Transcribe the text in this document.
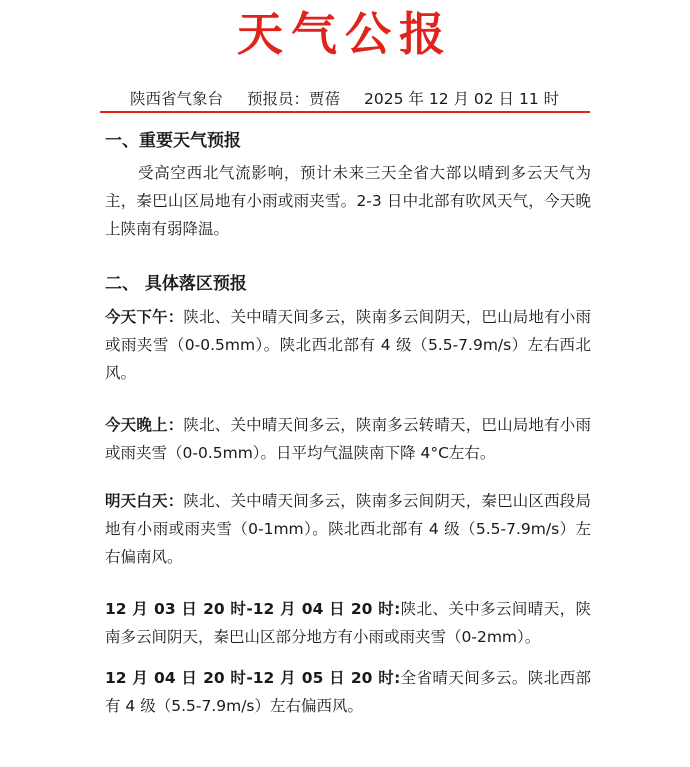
天气公报
陕西省气象台 预报员：贾蓓 2025 年 12 月 02 日 11 时
一、重要天气预报
受高空西北气流影响，预计未来三天全省大部以晴到多云天气为主，秦巴山区局地有小雨或雨夹雪。2-3 日中北部有吹风天气，今天晚上陕南有弱降温。
二、 具体落区预报
今天下午：陕北、关中晴天间多云，陕南多云间阴天，巴山局地有小雨或雨夹雪（0-0.5mm）。陕北西北部有 4 级（5.5-7.9m/s）左右西北风。
今天晚上：陕北、关中晴天间多云，陕南多云转晴天，巴山局地有小雨或雨夹雪（0-0.5mm）。日平均气温陕南下降 4°C左右。
明天白天：陕北、关中晴天间多云，陕南多云间阴天，秦巴山区西段局地有小雨或雨夹雪（0-1mm）。陕北西北部有 4 级（5.5-7.9m/s）左右偏南风。
12 月 03 日 20 时-12 月 04 日 20 时:陕北、关中多云间晴天，陕南多云间阴天，秦巴山区部分地方有小雨或雨夹雪（0-2mm）。
12 月 04 日 20 时-12 月 05 日 20 时:全省晴天间多云。陕北西部有 4 级（5.5-7.9m/s）左右偏西风。
